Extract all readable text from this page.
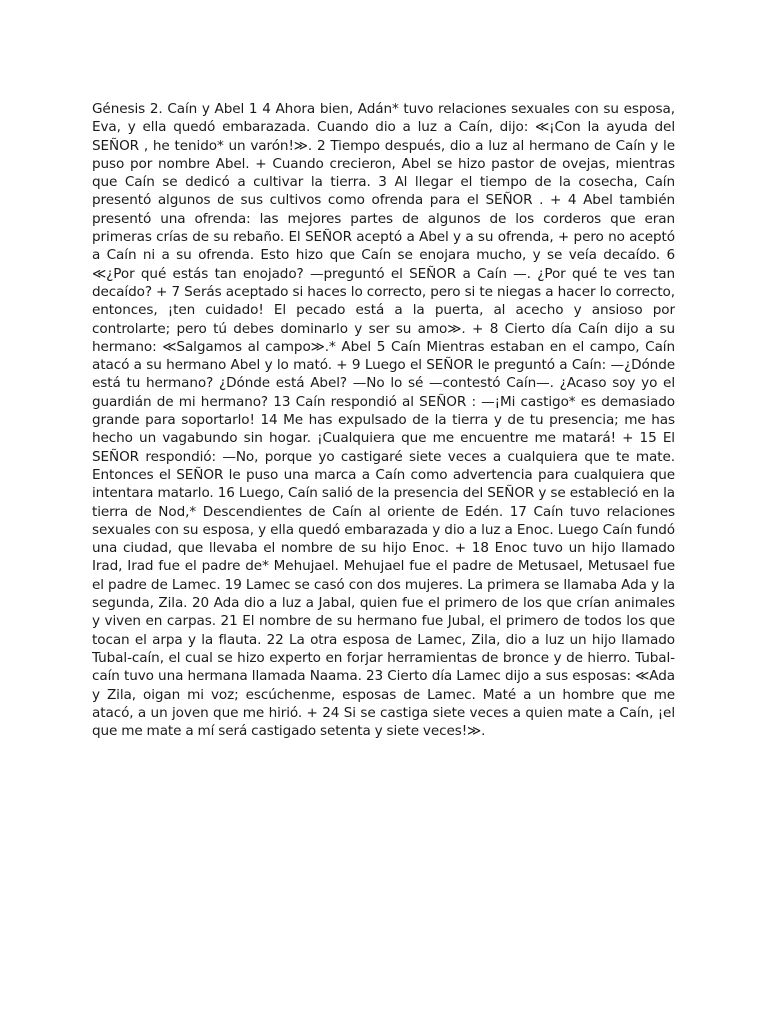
Génesis 2. Caín y Abel 1 4 Ahora bien, Adán* tuvo relaciones sexuales con su esposa, Eva, y ella quedó embarazada. Cuando dio a luz a Caín, dijo: ≪¡Con la ayuda del SEÑOR , he tenido* un varón!≫. 2 Tiempo después, dio a luz al hermano de Caín y le puso por nombre Abel. + Cuando crecieron, Abel se hizo pastor de ovejas, mientras que Caín se dedicó a cultivar la tierra. 3 Al llegar el tiempo de la cosecha, Caín presentó algunos de sus cultivos como ofrenda para el SEÑOR . + 4 Abel también presentó una ofrenda: las mejores partes de algunos de los corderos que eran primeras crías de su rebaño. El SEÑOR aceptó a Abel y a su ofrenda, + pero no aceptó a Caín ni a su ofrenda. Esto hizo que Caín se enojara mucho, y se veía decaído. 6 ≪¿Por qué estás tan enojado? —preguntó el SEÑOR a Caín —. ¿Por qué te ves tan decaído? + 7 Serás aceptado si haces lo correcto, pero si te niegas a hacer lo correcto, entonces, ¡ten cuidado! El pecado está a la puerta, al acecho y ansioso por controlarte; pero tú debes dominarlo y ser su amo≫. + 8 Cierto día Caín dijo a su hermano: ≪Salgamos al campo≫.* Abel 5 Caín Mientras estaban en el campo, Caín atacó a su hermano Abel y lo mató. + 9 Luego el SEÑOR le preguntó a Caín: —¿Dónde está tu hermano? ¿Dónde está Abel? —No lo sé —contestó Caín—. ¿Acaso soy yo el guardián de mi hermano? 13 Caín respondió al SEÑOR : —¡Mi castigo* es demasiado grande para soportarlo! 14 Me has expulsado de la tierra y de tu presencia; me has hecho un vagabundo sin hogar. ¡Cualquiera que me encuentre me matará! + 15 El SEÑOR respondió: —No, porque yo castigaré siete veces a cualquiera que te mate. Entonces el SEÑOR le puso una marca a Caín como advertencia para cualquiera que intentara matarlo. 16 Luego, Caín salió de la presencia del SEÑOR y se estableció en la tierra de Nod,* Descendientes de Caín al oriente de Edén. 17 Caín tuvo relaciones sexuales con su esposa, y ella quedó embarazada y dio a luz a Enoc. Luego Caín fundó una ciudad, que llevaba el nombre de su hijo Enoc. + 18 Enoc tuvo un hijo llamado Irad, Irad fue el padre de* Mehujael. Mehujael fue el padre de Metusael, Metusael fue el padre de Lamec. 19 Lamec se casó con dos mujeres. La primera se llamaba Ada y la segunda, Zila. 20 Ada dio a luz a Jabal, quien fue el primero de los que crían animales y viven en carpas. 21 El nombre de su hermano fue Jubal, el primero de todos los que tocan el arpa y la flauta. 22 La otra esposa de Lamec, Zila, dio a luz un hijo llamado Tubal-caín, el cual se hizo experto en forjar herramientas de bronce y de hierro. Tubal-caín tuvo una hermana llamada Naama. 23 Cierto día Lamec dijo a sus esposas: ≪Ada y Zila, oigan mi voz; escúchenme, esposas de Lamec. Maté a un hombre que me atacó, a un joven que me hirió. + 24 Si se castiga siete veces a quien mate a Caín, ¡el que me mate a mí será castigado setenta y siete veces!≫.
